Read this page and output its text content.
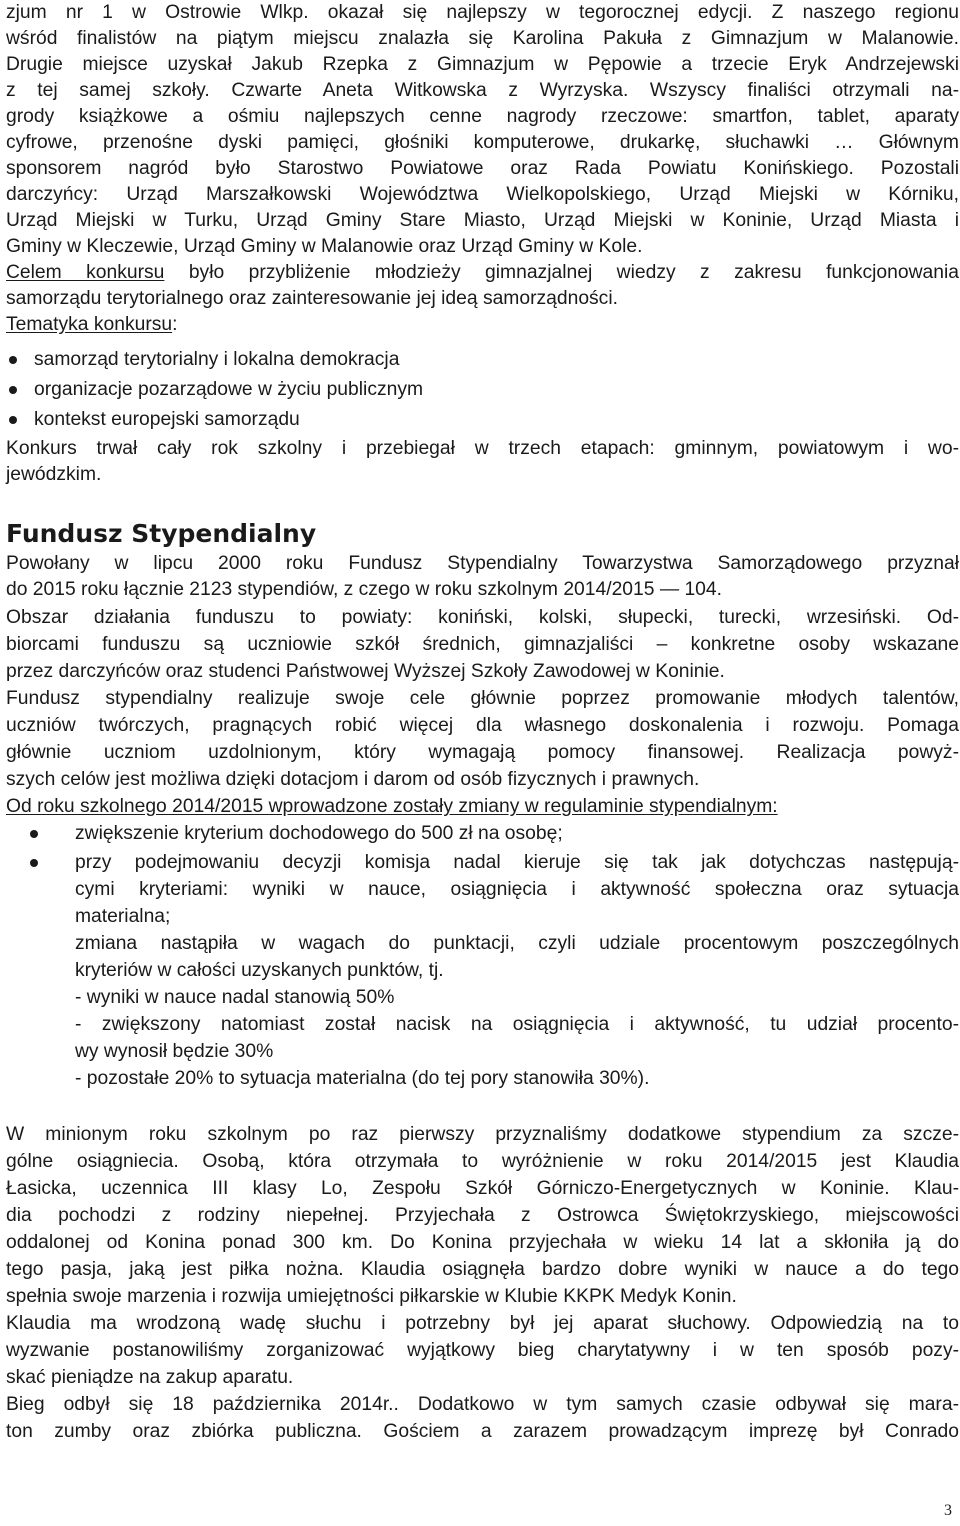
zjum nr 1 w Ostrowie Wlkp. okazał się najlepszy w tegorocznej edycji. Z naszego regionu
wśród finalistów na piątym miejscu znalazła się Karolina Pakuła z Gimnazjum w Malanowie.
Drugie miejsce uzyskał Jakub Rzepka z Gimnazjum w Pępowie a trzecie Eryk Andrzejewski
z tej samej szkoły. Czwarte Aneta Witkowska z Wyrzyska. Wszyscy finaliści otrzymali na-
grody książkowe a ośmiu najlepszych cenne nagrody rzeczowe: smartfon, tablet, aparaty
cyfrowe, przenośne dyski pamięci, głośniki komputerowe, drukarkę, słuchawki … Głównym
sponsorem nagród było Starostwo Powiatowe oraz Rada Powiatu Konińskiego. Pozostali
darczyńcy: Urząd Marszałkowski Województwa Wielkopolskiego, Urząd Miejski w Kórniku,
Urząd Miejski w Turku, Urząd Gminy Stare Miasto, Urząd Miejski w Koninie, Urząd Miasta i
Gminy w Kleczewie, Urząd Gminy w Malanowie oraz Urząd Gminy w Kole.
Celem konkursu było przybliżenie młodzieży gimnazjalnej wiedzy z zakresu funkcjonowania
samorządu terytorialnego oraz zainteresowanie jej ideą samorządności.
Tematyka konkursu:
samorząd terytorialny i lokalna demokracja
organizacje pozarządowe w życiu publicznym
kontekst europejski samorządu
Konkurs trwał cały rok szkolny i przebiegał w trzech etapach: gminnym, powiatowym i wo-
jewódzkim.
Fundusz Stypendialny
Powołany w lipcu 2000 roku Fundusz Stypendialny Towarzystwa Samorządowego przyznał
do 2015 roku łącznie 2123 stypendiów, z czego w roku szkolnym 2014/2015 — 104.
Obszar działania funduszu to powiaty: koniński, kolski, słupecki, turecki, wrzesiński. Od-
biorcami funduszu są uczniowie szkół średnich, gimnazjaliści – konkretne osoby wskazane
przez darczyńców oraz studenci Państwowej Wyższej Szkoły Zawodowej w Koninie.
Fundusz stypendialny realizuje swoje cele głównie poprzez promowanie młodych talentów,
uczniów twórczych, pragnących robić więcej dla własnego doskonalenia i rozwoju. Pomaga
głównie uczniom uzdolnionym, który wymagają pomocy finansowej. Realizacja powyż-
szych celów jest możliwa dzięki dotacjom i darom od osób fizycznych i prawnych.
Od roku szkolnego 2014/2015 wprowadzone zostały zmiany w regulaminie stypendialnym:
zwiększenie kryterium dochodowego do 500 zł na osobę;
przy podejmowaniu decyzji komisja nadal kieruje się tak jak dotychczas następują-
cymi kryteriami: wyniki w nauce, osiągnięcia i aktywność społeczna oraz sytuacja
materialna;
zmiana nastąpiła w wagach do punktacji, czyli udziale procentowym poszczególnych
kryteriów w całości uzyskanych punktów, tj.
- wyniki w nauce nadal stanowią 50%
- zwiększony natomiast został nacisk na osiągnięcia i aktywność, tu udział procento-
wy wynosił będzie 30%
- pozostałe 20% to sytuacja materialna (do tej pory stanowiła 30%).
W minionym roku szkolnym po raz pierwszy przyznaliśmy dodatkowe stypendium za szcze-
gólne osiągniecia. Osobą, która otrzymała to wyróżnienie w roku 2014/2015 jest Klaudia
Łasicka, uczennica III klasy Lo, Zespołu Szkół Górniczo-Energetycznych w Koninie. Klau-
dia pochodzi z rodziny niepełnej. Przyjechała z Ostrowca Świętokrzyskiego, miejscowości
oddalonej od Konina ponad 300 km. Do Konina przyjechała w wieku 14 lat a skłoniła ją do
tego pasja, jaką jest piłka nożna. Klaudia osiągnęła bardzo dobre wyniki w nauce a do tego
spełnia swoje marzenia i rozwija umiejętności piłkarskie w Klubie KKPK Medyk Konin.
Klaudia ma wrodzoną wadę słuchu i potrzebny był jej aparat słuchowy. Odpowiedzią na to
wyzwanie postanowiliśmy zorganizować wyjątkowy bieg charytatywny i w ten sposób pozy-
skać pieniądze na zakup aparatu.
Bieg odbył się 18 października 2014r.. Dodatkowo w tym samych czasie odbywał się mara-
ton zumby oraz zbiórka publiczna. Gościem a zarazem prowadzącym imprezę był Conrado
3
